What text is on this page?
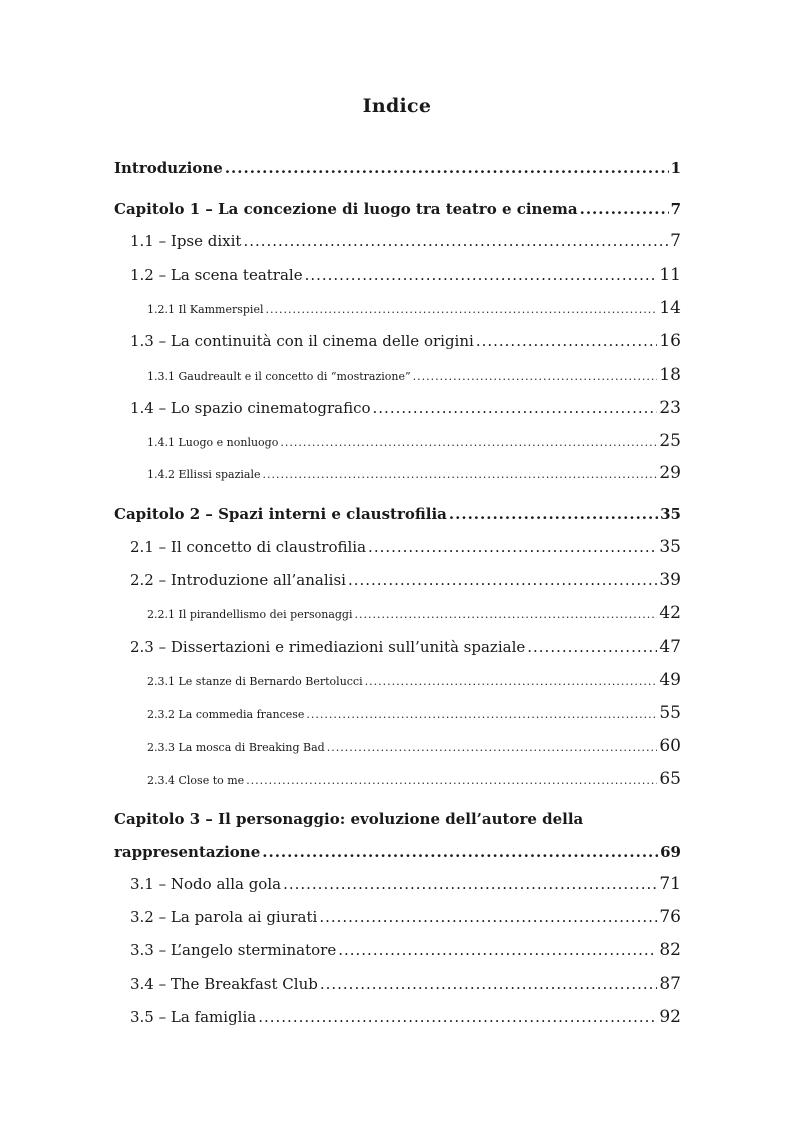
Indice
Introduzione .....	1
Capitolo 1 – La concezione di luogo tra teatro e cinema .....	7
1.1 – Ipse dixit .....	7
1.2 – La scena teatrale .....	11
1.2.1 Il Kammerspiel .....	14
1.3 – La continuità con il cinema delle origini .....	16
1.3.1 Gaudreault e il concetto di “mostrazione” .....	18
1.4 – Lo spazio cinematografico .....	23
1.4.1 Luogo e nonluogo .....	25
1.4.2 Ellissi spaziale .....	29
Capitolo 2 – Spazi interni e claustrofilia .....	35
2.1 – Il concetto di claustrofilia .....	35
2.2 – Introduzione all’analisi .....	39
2.2.1 Il pirandellismo dei personaggi .....	42
2.3 – Dissertazioni e rimediazioni sull’unità spaziale .....	47
2.3.1 Le stanze di Bernardo Bertolucci .....	49
2.3.2 La commedia francese .....	55
2.3.3 La mosca di Breaking Bad .....	60
2.3.4 Close to me .....	65
Capitolo 3 – Il personaggio: evoluzione dell’autore della
rappresentazione .....	69
3.1 – Nodo alla gola .....	71
3.2 – La parola ai giurati .....	76
3.3 – L’angelo sterminatore .....	82
3.4 – The Breakfast Club .....	87
3.5 – La famiglia .....	92
